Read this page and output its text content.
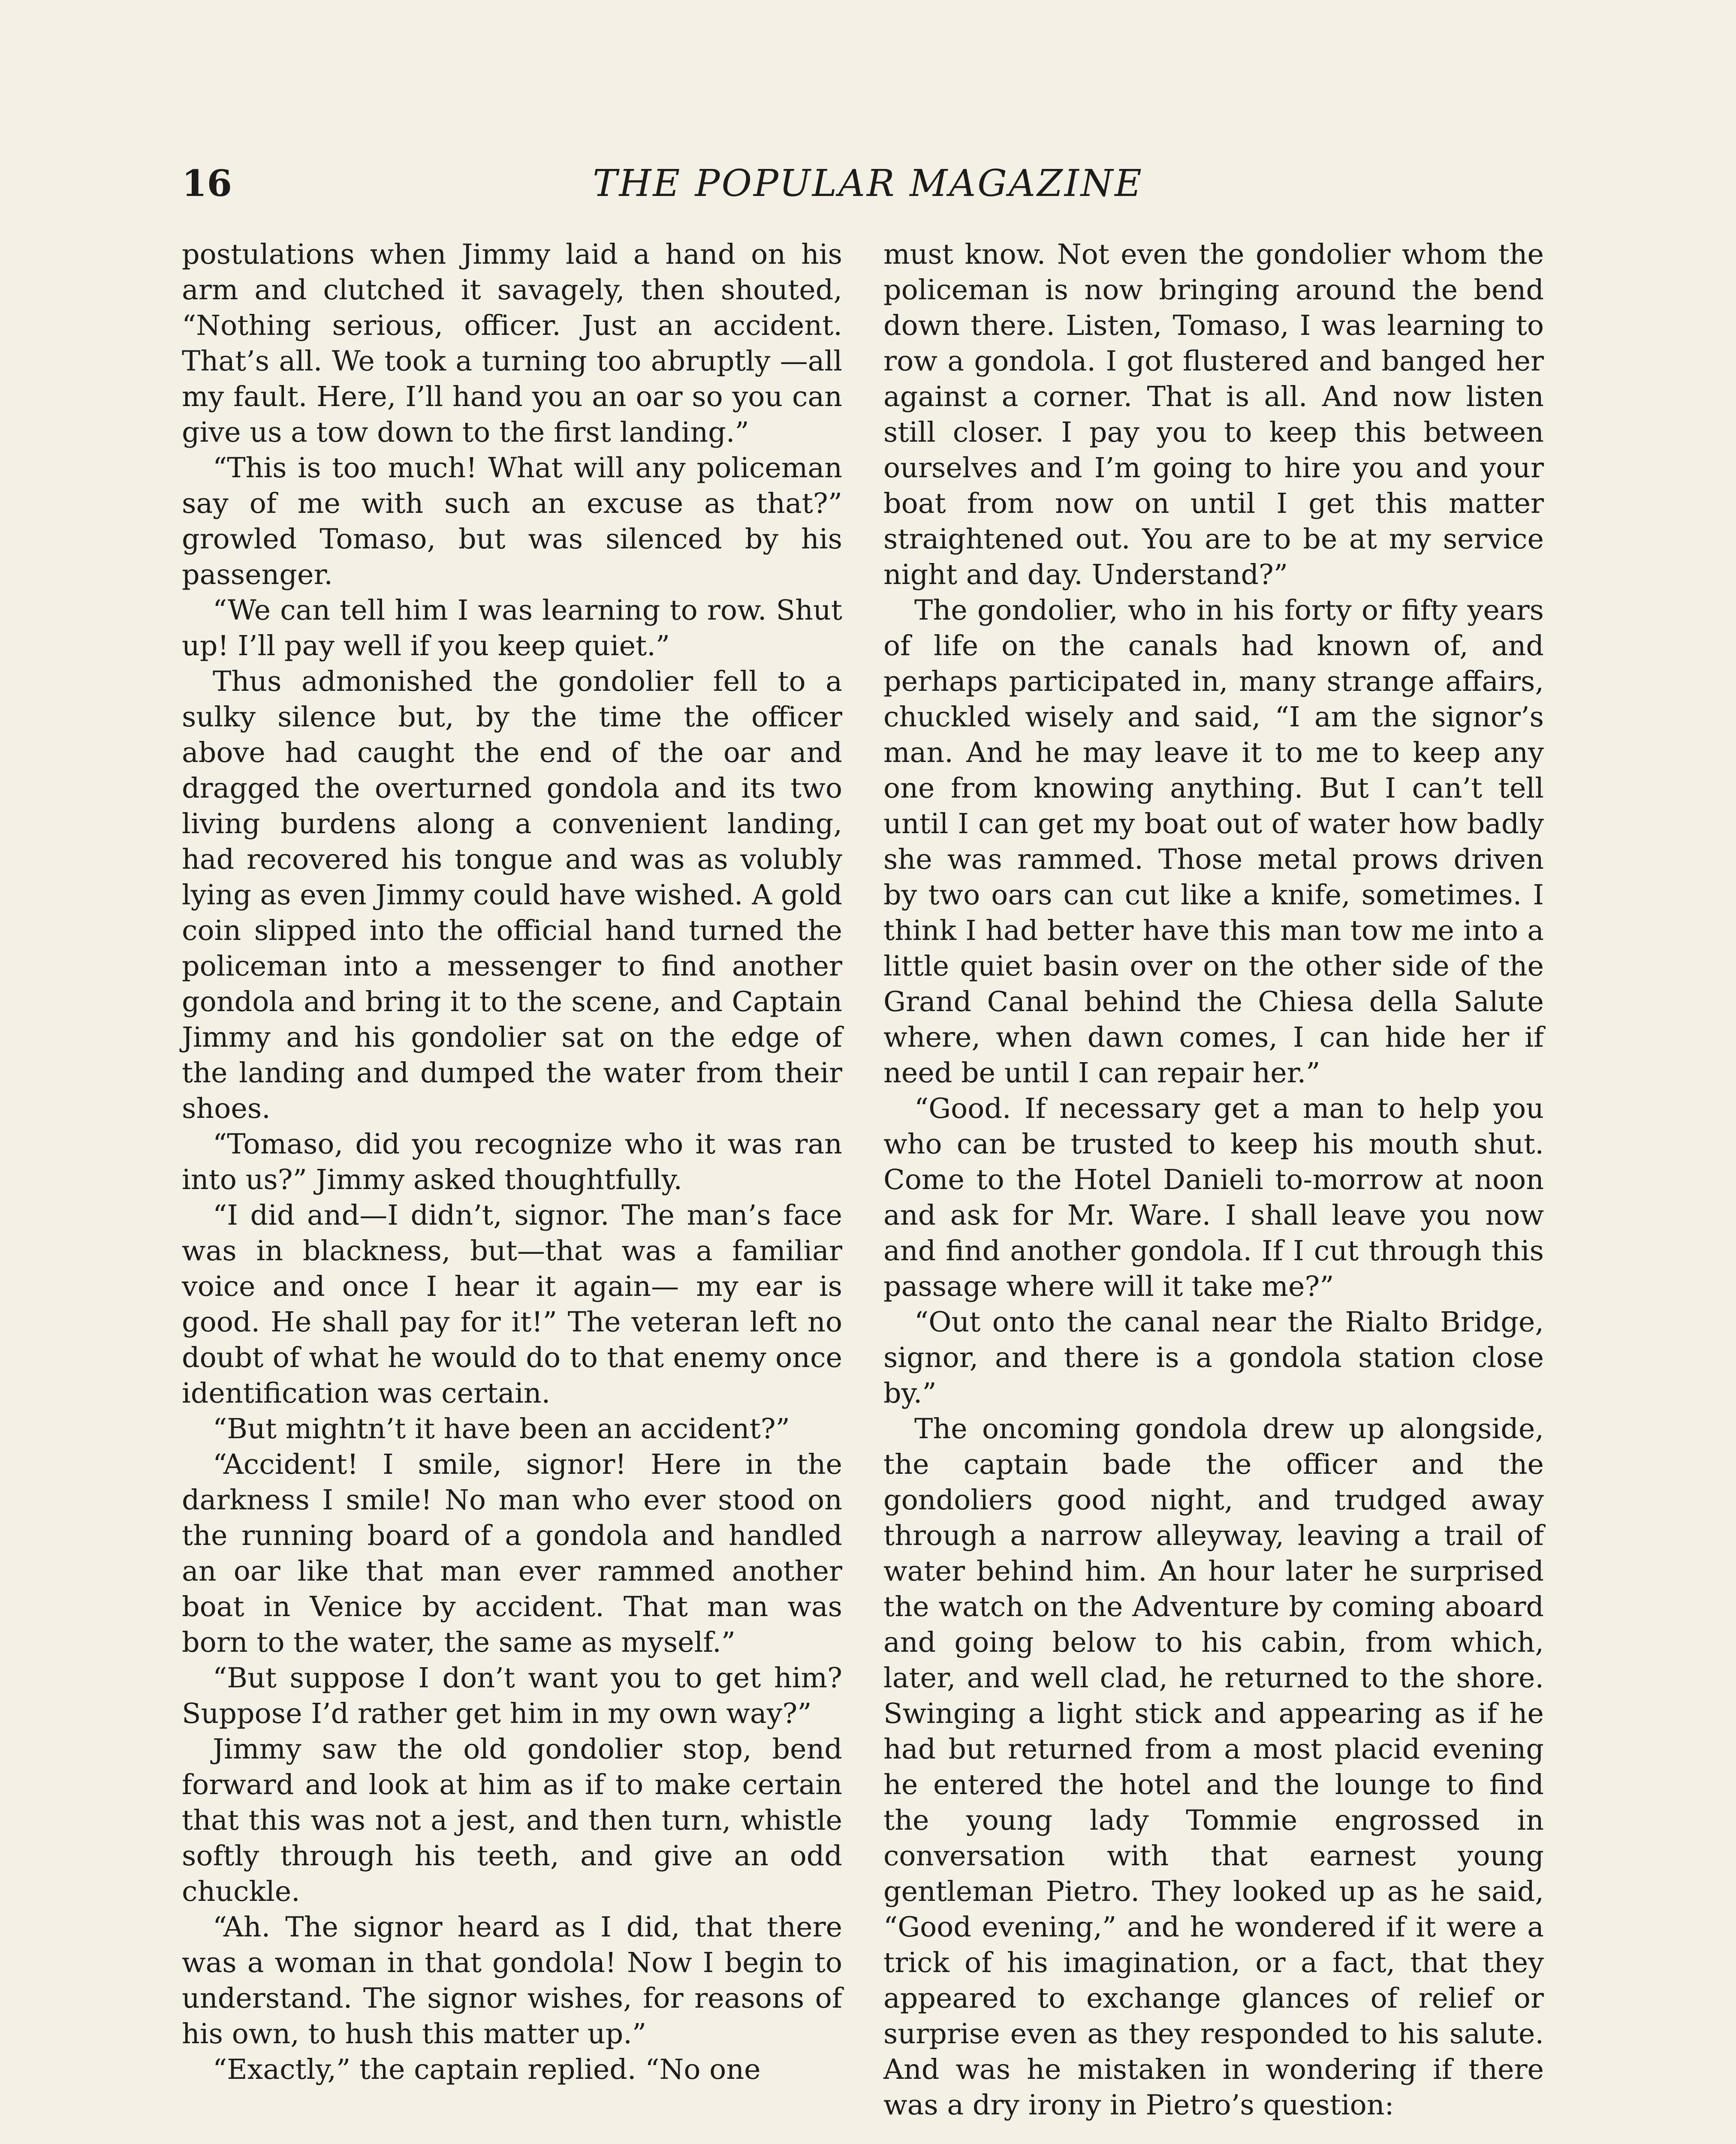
16	THE POPULAR MAGAZINE

postulations when Jimmy laid a hand on his arm and clutched it savagely, then shouted, “Nothing serious, officer. Just an accident. That’s all. We took a turning too abruptly —all my fault. Here, I’ll hand you an oar so you can give us a tow down to the first landing.”

“This is too much! What will any policeman say of me with such an excuse as that?” growled Tomaso, but was silenced by his passenger.

“We can tell him I was learning to row. Shut up! I’ll pay well if you keep quiet.”

Thus admonished the gondolier fell to a sulky silence but, by the time the officer above had caught the end of the oar and dragged the overturned gondola and its two living burdens along a convenient landing, had recovered his tongue and was as volubly lying as even Jimmy could have wished. A gold coin slipped into the official hand turned the policeman into a messenger to find another gondola and bring it to the scene, and Captain Jimmy and his gondolier sat on the edge of the landing and dumped the water from their shoes.

“Tomaso, did you recognize who it was ran into us?” Jimmy asked thoughtfully.

“I did and—I didn’t, signor. The man’s face was in blackness, but—that was a familiar voice and once I hear it again— my ear is good. He shall pay for it!” The veteran left no doubt of what he would do to that enemy once identification was certain.

“But mightn’t it have been an accident?”

“Accident! I smile, signor! Here in the darkness I smile! No man who ever stood on the running board of a gondola and handled an oar like that man ever rammed another boat in Venice by accident. That man was born to the water, the same as myself.”

“But suppose I don’t want you to get him? Suppose I’d rather get him in my own way?”

Jimmy saw the old gondolier stop, bend forward and look at him as if to make certain that this was not a jest, and then turn, whistle softly through his teeth, and give an odd chuckle.

“Ah. The signor heard as I did, that there was a woman in that gondola! Now I begin to understand. The signor wishes, for reasons of his own, to hush this matter up.”

“Exactly,” the captain replied. “No one

must know. Not even the gondolier whom the policeman is now bringing around the bend down there. Listen, Tomaso, I was learning to row a gondola. I got flustered and banged her against a corner. That is all. And now listen still closer. I pay you to keep this between ourselves and I’m going to hire you and your boat from now on until I get this matter straightened out. You are to be at my service night and day. Understand?”

The gondolier, who in his forty or fifty years of life on the canals had known of, and perhaps participated in, many strange affairs, chuckled wisely and said, “I am the signor’s man. And he may leave it to me to keep any one from knowing anything. But I can’t tell until I can get my boat out of water how badly she was rammed. Those metal prows driven by two oars can cut like a knife, sometimes. I think I had better have this man tow me into a little quiet basin over on the other side of the Grand Canal behind the Chiesa della Salute where, when dawn comes, I can hide her if need be until I can repair her.”

“Good. If necessary get a man to help you who can be trusted to keep his mouth shut. Come to the Hotel Danieli to-morrow at noon and ask for Mr. Ware. I shall leave you now and find another gondola. If I cut through this passage where will it take me?”

“Out onto the canal near the Rialto Bridge, signor, and there is a gondola station close by.”

The oncoming gondola drew up alongside, the captain bade the officer and the gondoliers good night, and trudged away through a narrow alleyway, leaving a trail of water behind him. An hour later he surprised the watch on the Adventure by coming aboard and going below to his cabin, from which, later, and well clad, he returned to the shore. Swinging a light stick and appearing as if he had but returned from a most placid evening he entered the hotel and the lounge to find the young lady Tommie engrossed in conversation with that earnest young gentleman Pietro. They looked up as he said, “Good evening,” and he wondered if it were a trick of his imagination, or a fact, that they appeared to exchange glances of relief or surprise even as they responded to his salute. And was he mistaken in wondering if there was a dry irony in Pietro’s question:
